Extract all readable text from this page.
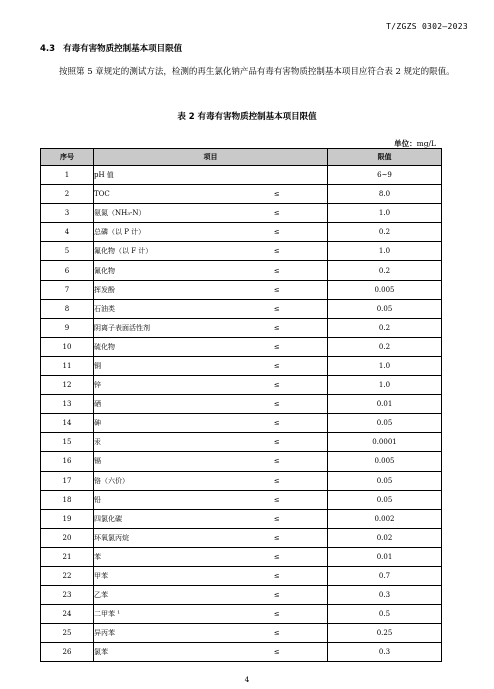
T/ZGZS 0302—2023
4.3 有毒有害物质控制基本项目限值
按照第 5 章规定的测试方法，检测的再生氯化钠产品有毒有害物质控制基本项目应符合表 2 规定的限值。
表 2 有毒有害物质控制基本项目限值
单位：mg/L
序号	项目		限值
1	pH 值		6~9
2	TOC	≤	8.0
3	氨氮（NH₃-N）	≤	1.0
4	总磷（以 P 计）	≤	0.2
5	氟化物（以 F 计）	≤	1.0
6	氰化物	≤	0.2
7	挥发酚	≤	0.005
8	石油类	≤	0.05
9	阴离子表面活性剂	≤	0.2
10	硫化物	≤	0.2
11	铜	≤	1.0
12	锌	≤	1.0
13	硒	≤	0.01
14	砷	≤	0.05
15	汞	≤	0.0001
16	镉	≤	0.005
17	铬（六价）	≤	0.05
18	铅	≤	0.05
19	四氯化碳	≤	0.002
20	环氧氯丙烷	≤	0.02
21	苯	≤	0.01
22	甲苯	≤	0.7
23	乙苯	≤	0.3
24	二甲苯 ¹	≤	0.5
25	异丙苯	≤	0.25
26	氯苯	≤	0.3
4
